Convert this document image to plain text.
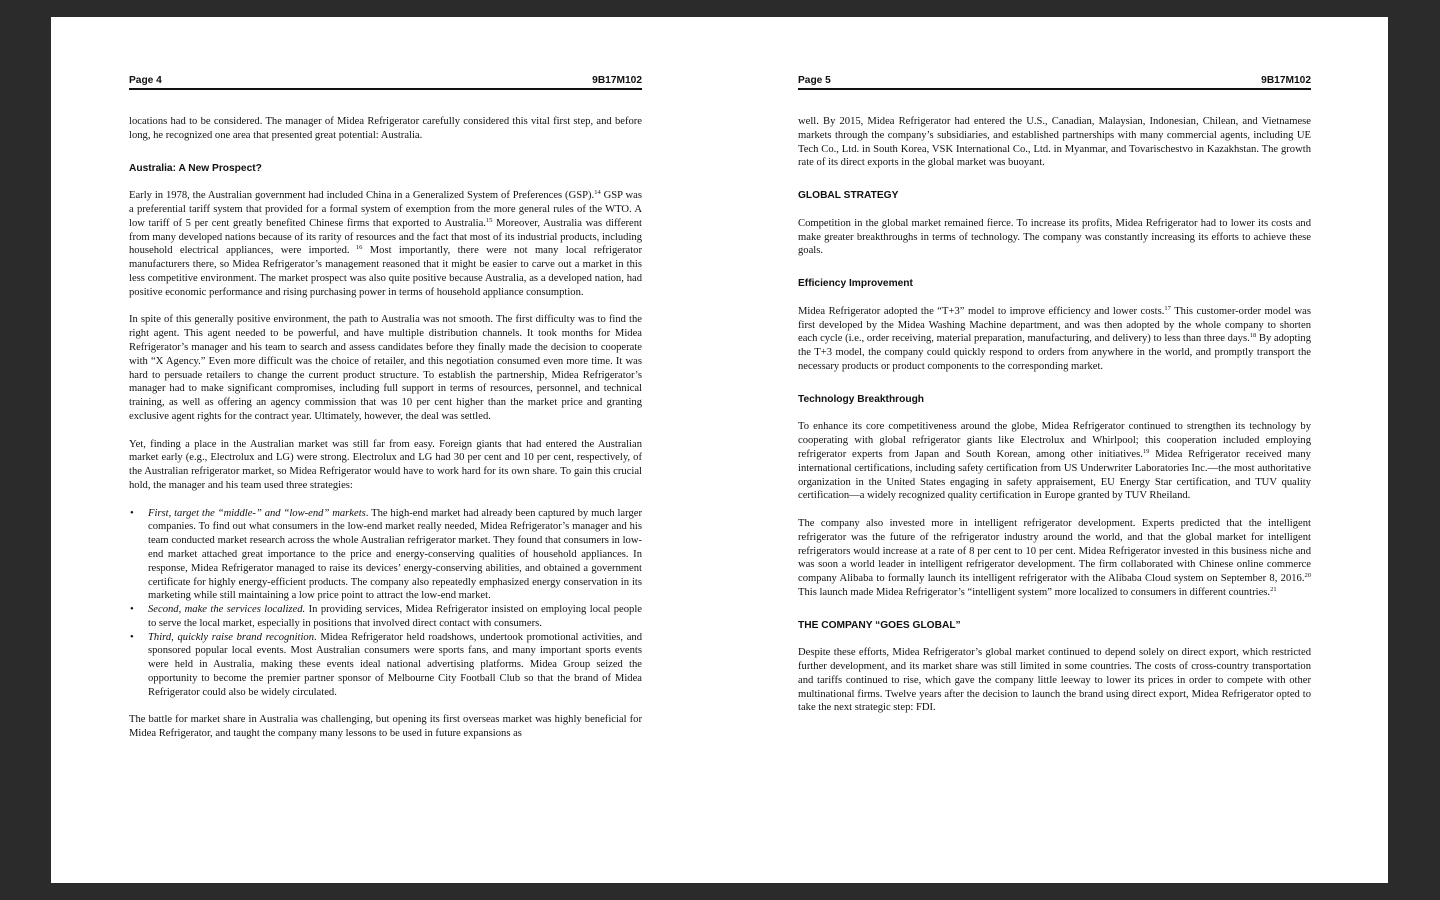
Page 4	9B17M102

locations had to be considered. The manager of Midea Refrigerator carefully considered this vital first step, and before long, he recognized one area that presented great potential: Australia.

Australia: A New Prospect?

Early in 1978, the Australian government had included China in a Generalized System of Preferences (GSP).$^{14}$ GSP was a preferential tariff system that provided for a formal system of exemption from the more general rules of the WTO. A low tariff of 5 per cent greatly benefited Chinese firms that exported to Australia.$^{15}$ Moreover, Australia was different from many developed nations because of its rarity of resources and the fact that most of its industrial products, including household electrical appliances, were imported. $^{16}$ Most importantly, there were not many local refrigerator manufacturers there, so Midea Refrigerator’s management reasoned that it might be easier to carve out a market in this less competitive environment. The market prospect was also quite positive because Australia, as a developed nation, had positive economic performance and rising purchasing power in terms of household appliance consumption.

In spite of this generally positive environment, the path to Australia was not smooth. The first difficulty was to find the right agent. This agent needed to be powerful, and have multiple distribution channels. It took months for Midea Refrigerator’s manager and his team to search and assess candidates before they finally made the decision to cooperate with “X Agency.” Even more difficult was the choice of retailer, and this negotiation consumed even more time. It was hard to persuade retailers to change the current product structure. To establish the partnership, Midea Refrigerator’s manager had to make significant compromises, including full support in terms of resources, personnel, and technical training, as well as offering an agency commission that was 10 per cent higher than the market price and granting exclusive agent rights for the contract year. Ultimately, however, the deal was settled.

Yet, finding a place in the Australian market was still far from easy. Foreign giants that had entered the Australian market early (e.g., Electrolux and LG) were strong. Electrolux and LG had 30 per cent and 10 per cent, respectively, of the Australian refrigerator market, so Midea Refrigerator would have to work hard for its own share. To gain this crucial hold, the manager and his team used three strategies:

• First, target the “middle-” and “low-end” markets. The high-end market had already been captured by much larger companies. To find out what consumers in the low-end market really needed, Midea Refrigerator’s manager and his team conducted market research across the whole Australian refrigerator market. They found that consumers in low-end market attached great importance to the price and energy-conserving qualities of household appliances. In response, Midea Refrigerator managed to raise its devices’ energy-conserving abilities, and obtained a government certificate for highly energy-efficient products. The company also repeatedly emphasized energy conservation in its marketing while still maintaining a low price point to attract the low-end market.
• Second, make the services localized. In providing services, Midea Refrigerator insisted on employing local people to serve the local market, especially in positions that involved direct contact with consumers.
• Third, quickly raise brand recognition. Midea Refrigerator held roadshows, undertook promotional activities, and sponsored popular local events. Most Australian consumers were sports fans, and many important sports events were held in Australia, making these events ideal national advertising platforms. Midea Group seized the opportunity to become the premier partner sponsor of Melbourne City Football Club so that the brand of Midea Refrigerator could also be widely circulated.

The battle for market share in Australia was challenging, but opening its first overseas market was highly beneficial for Midea Refrigerator, and taught the company many lessons to be used in future expansions as

Page 5	9B17M102

well. By 2015, Midea Refrigerator had entered the U.S., Canadian, Malaysian, Indonesian, Chilean, and Vietnamese markets through the company’s subsidiaries, and established partnerships with many commercial agents, including UE Tech Co., Ltd. in South Korea, VSK International Co., Ltd. in Myanmar, and Tovarischestvo in Kazakhstan. The growth rate of its direct exports in the global market was buoyant.

GLOBAL STRATEGY

Competition in the global market remained fierce. To increase its profits, Midea Refrigerator had to lower its costs and make greater breakthroughs in terms of technology. The company was constantly increasing its efforts to achieve these goals.

Efficiency Improvement

Midea Refrigerator adopted the “T+3” model to improve efficiency and lower costs.$^{17}$ This customer-order model was first developed by the Midea Washing Machine department, and was then adopted by the whole company to shorten each cycle (i.e., order receiving, material preparation, manufacturing, and delivery) to less than three days.$^{18}$ By adopting the T+3 model, the company could quickly respond to orders from anywhere in the world, and promptly transport the necessary products or product components to the corresponding market.

Technology Breakthrough

To enhance its core competitiveness around the globe, Midea Refrigerator continued to strengthen its technology by cooperating with global refrigerator giants like Electrolux and Whirlpool; this cooperation included employing refrigerator experts from Japan and South Korean, among other initiatives.$^{19}$ Midea Refrigerator received many international certifications, including safety certification from US Underwriter Laboratories Inc.—the most authoritative organization in the United States engaging in safety appraisement, EU Energy Star certification, and TUV quality certification—a widely recognized quality certification in Europe granted by TUV Rheiland.

The company also invested more in intelligent refrigerator development. Experts predicted that the intelligent refrigerator was the future of the refrigerator industry around the world, and that the global market for intelligent refrigerators would increase at a rate of 8 per cent to 10 per cent. Midea Refrigerator invested in this business niche and was soon a world leader in intelligent refrigerator development. The firm collaborated with Chinese online commerce company Alibaba to formally launch its intelligent refrigerator with the Alibaba Cloud system on September 8, 2016.20 This launch made Midea Refrigerator’s “intelligent system” more localized to consumers in different countries.$^{21}$

THE COMPANY “GOES GLOBAL”

Despite these efforts, Midea Refrigerator’s global market continued to depend solely on direct export, which restricted further development, and its market share was still limited in some countries. The costs of cross-country transportation and tariffs continued to rise, which gave the company little leeway to lower its prices in order to compete with other multinational firms. Twelve years after the decision to launch the brand using direct export, Midea Refrigerator opted to take the next strategic step: FDI.
